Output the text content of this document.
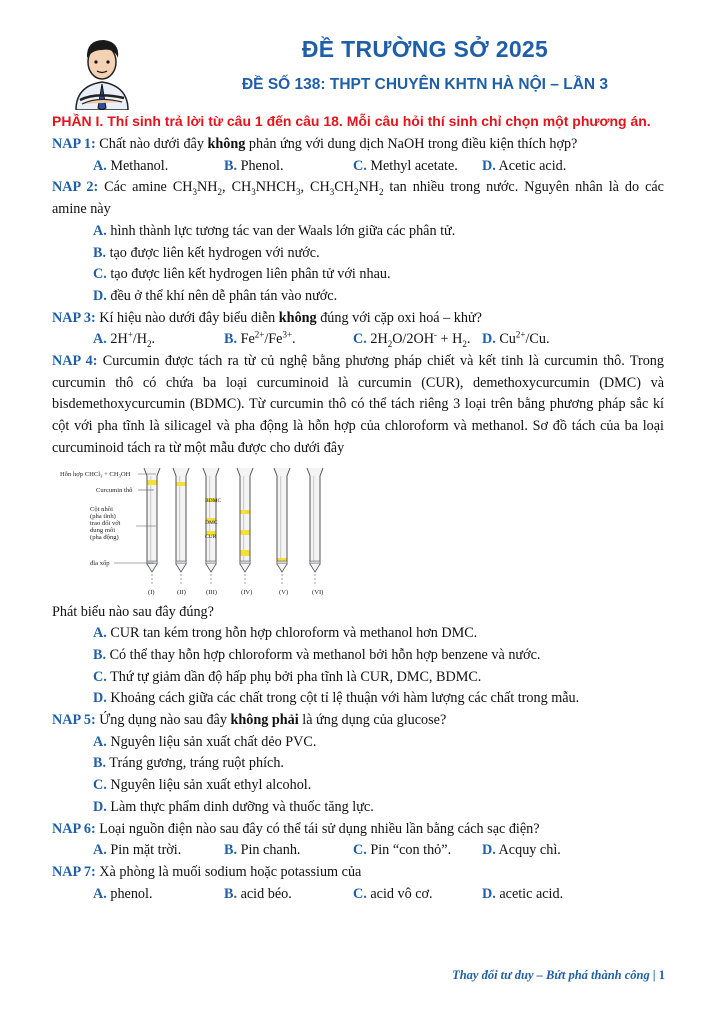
ĐỀ TRƯỜNG SỞ 2025
ĐỀ SỐ 138: THPT CHUYÊN KHTN HÀ NỘI – LẦN 3
PHẦN I. Thí sinh trả lời từ câu 1 đến câu 18. Mỗi câu hỏi thí sinh chỉ chọn một phương án.
NAP 1: Chất nào dưới đây không phản ứng với dung dịch NaOH trong điều kiện thích hợp?
A. Methanol.	B. Phenol.	C. Methyl acetate.	D. Acetic acid.
NAP 2: Các amine $CH_3NH_2$, $CH_3NHCH_3$, $CH_3CH_2NH_2$ tan nhiều trong nước. Nguyên nhân là do các amine này
A. hình thành lực tương tác van der Waals lớn giữa các phân tử.
B. tạo được liên kết hydrogen với nước.
C. tạo được liên kết hydrogen liên phân tử với nhau.
D. đều ở thể khí nên dễ phân tán vào nước.
NAP 3: Kí hiệu nào dưới đây biểu diễn không đúng với cặp oxi hoá – khử?
A. $2H^+/H_2$.	B. $Fe^{2+}/Fe^{3+}$.	C. $2H_2O/2OH^- + H_2$. D. $Cu^{2+}/Cu$.
NAP 4: Curcumin được tách ra từ củ nghệ bằng phương pháp chiết và kết tinh là curcumin thô. Trong curcumin thô có chứa ba loại curcuminoid là curcumin (CUR), demethoxycurcumin (DMC) và bisdemethoxycurcumin (BDMC). Từ curcumin thô có thể tách riêng 3 loại trên bằng phương pháp sắc kí cột với pha tĩnh là silicagel và pha động là hỗn hợp của chloroform và methanol. Sơ đồ tách của ba loại curcuminoid tách ra từ một mẫu được cho dưới đây
Hỗn hợp CHCl₃ + CH₃OH
Curcumin thô
Cột nhồi
(pha tĩnh)
trao đổi với
dung môi
(pha động)
đĩa xốp
BDMC
DMC
CUR
(I)	(II)	(III)	(IV)	(V)	(VI)
Phát biểu nào sau đây đúng?
A. CUR tan kém trong hỗn hợp chloroform và methanol hơn DMC.
B. Có thể thay hỗn hợp chloroform và methanol bởi hỗn hợp benzene và nước.
C. Thứ tự giảm dần độ hấp phụ bởi pha tĩnh là CUR, DMC, BDMC.
D. Khoảng cách giữa các chất trong cột tỉ lệ thuận với hàm lượng các chất trong mẫu.
NAP 5: Ứng dụng nào sau đây không phải là ứng dụng của glucose?
A. Nguyên liệu sản xuất chất dẻo PVC.
B. Tráng gương, tráng ruột phích.
C. Nguyên liệu sản xuất ethyl alcohol.
D. Làm thực phẩm dinh dưỡng và thuốc tăng lực.
NAP 6: Loại nguồn điện nào sau đây có thể tái sử dụng nhiều lần bằng cách sạc điện?
A. Pin mặt trời.	B. Pin chanh.	C. Pin “con thỏ”.	D. Acquy chì.
NAP 7: Xà phòng là muối sodium hoặc potassium của
A. phenol.	B. acid béo.	C. acid vô cơ.	D. acetic acid.
Thay đổi tư duy – Bứt phá thành công | 1
